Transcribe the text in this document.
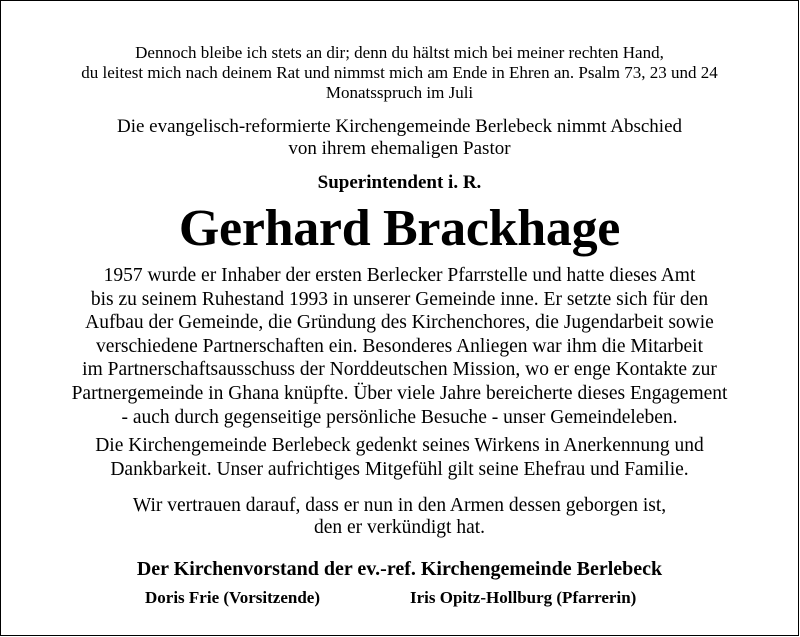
Dennoch bleibe ich stets an dir; denn du hältst mich bei meiner rechten Hand,
du leitest mich nach deinem Rat und nimmst mich am Ende in Ehren an. Psalm 73, 23 und 24
Monatsspruch im Juli
Die evangelisch-reformierte Kirchengemeinde Berlebeck nimmt Abschied
von ihrem ehemaligen Pastor
Superintendent i. R.
Gerhard Brackhage
1957 wurde er Inhaber der ersten Berlecker Pfarrstelle und hatte dieses Amt
bis zu seinem Ruhestand 1993 in unserer Gemeinde inne. Er setzte sich für den
Aufbau der Gemeinde, die Gründung des Kirchenchores, die Jugendarbeit sowie
verschiedene Partnerschaften ein. Besonderes Anliegen war ihm die Mitarbeit
im Partnerschaftsausschuss der Norddeutschen Mission, wo er enge Kontakte zur
Partnergemeinde in Ghana knüpfte. Über viele Jahre bereicherte dieses Engagement
- auch durch gegenseitige persönliche Besuche - unser Gemeindeleben.
Die Kirchengemeinde Berlebeck gedenkt seines Wirkens in Anerkennung und
Dankbarkeit. Unser aufrichtiges Mitgefühl gilt seine Ehefrau und Familie.
Wir vertrauen darauf, dass er nun in den Armen dessen geborgen ist,
den er verkündigt hat.
Der Kirchenvorstand der ev.-ref. Kirchengemeinde Berlebeck
Doris Frie (Vorsitzende)	Iris Opitz-Hollburg (Pfarrerin)
